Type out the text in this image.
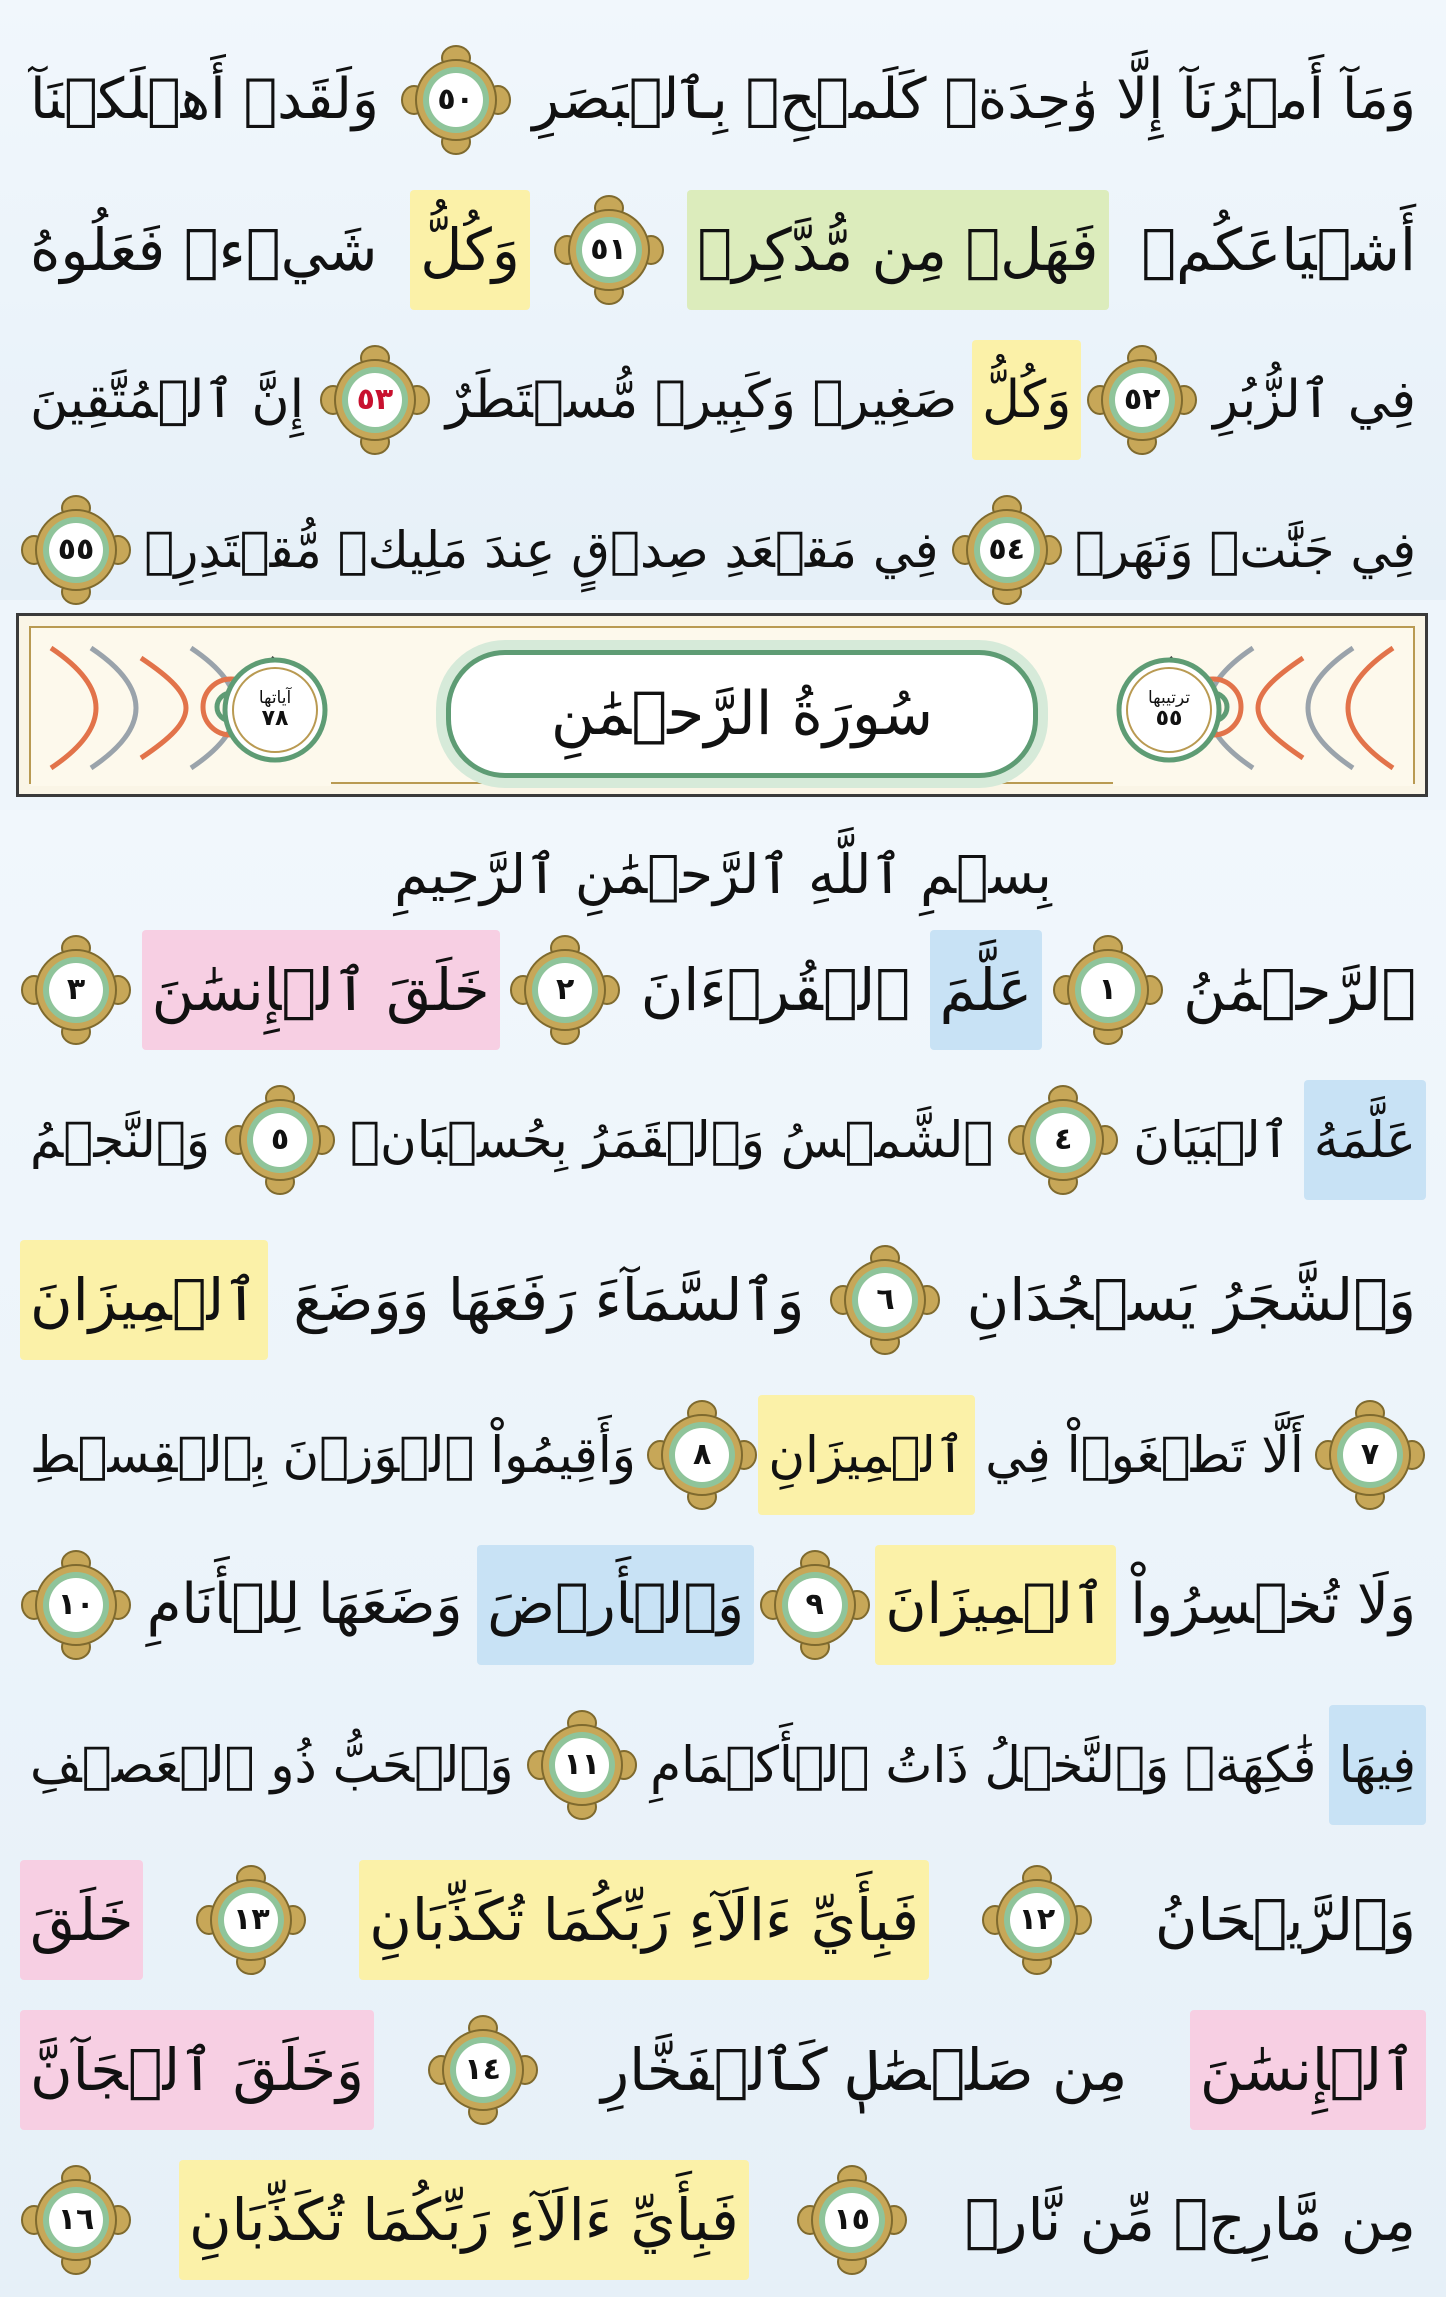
وَمَآ أَمۡرُنَآ إِلَّا وَٰحِدَةٞ كَلَمۡحِۭ بِٱلۡبَصَرِ
٥٠
وَلَقَدۡ أَهۡلَكۡنَآ
أَشۡيَاعَكُمۡ
فَهَلۡ مِن مُّدَّكِرٖ
٥١
وَكُلُّ
شَيۡءٖ فَعَلُوهُ
فِي ٱلزُّبُرِ
٥٢
وَكُلُّ
صَغِيرٖ وَكَبِيرٖ مُّسۡتَطَرٌ
٥٣
إِنَّ ٱلۡمُتَّقِينَ
فِي جَنَّٰتٖ وَنَهَرٖ
٥٤
فِي مَقۡعَدِ صِدۡقٍ عِندَ مَلِيكٖ مُّقۡتَدِرِۭ
٥٥
ترتيبها
٥٥
سُورَةُ الرَّحۡمَٰنِ
آياتها
٧٨
بِسۡمِ ٱللَّهِ ٱلرَّحۡمَٰنِ ٱلرَّحِيمِ
ٱلرَّحۡمَٰنُ
١
عَلَّمَ
ٱلۡقُرۡءَانَ
٢
خَلَقَ ٱلۡإِنسَٰنَ
٣
عَلَّمَهُ
ٱلۡبَيَانَ
٤
ٱلشَّمۡسُ وَٱلۡقَمَرُ بِحُسۡبَانٖ
٥
وَٱلنَّجۡمُ
وَٱلشَّجَرُ يَسۡجُدَانِ
٦
وَٱلسَّمَآءَ رَفَعَهَا وَوَضَعَ
ٱلۡمِيزَانَ
٧
أَلَّا تَطۡغَوۡاْ فِي
ٱلۡمِيزَانِ
٨
وَأَقِيمُواْ ٱلۡوَزۡنَ بِٱلۡقِسۡطِ
وَلَا تُخۡسِرُواْ
ٱلۡمِيزَانَ
٩
وَٱلۡأَرۡضَ
وَضَعَهَا لِلۡأَنَامِ
١٠
فِيهَا
فَٰكِهَةٞ وَٱلنَّخۡلُ ذَاتُ ٱلۡأَكۡمَامِ
١١
وَٱلۡحَبُّ ذُو ٱلۡعَصۡفِ
وَٱلرَّيۡحَانُ
١٢
فَبِأَيِّ ءَالَآءِ رَبِّكُمَا تُكَذِّبَانِ
١٣
خَلَقَ
ٱلۡإِنسَٰنَ
مِن صَلۡصَٰلٖ كَٱلۡفَخَّارِ
١٤
وَخَلَقَ ٱلۡجَآنَّ
مِن مَّارِجٖ مِّن نَّارٖ
١٥
فَبِأَيِّ ءَالَآءِ رَبِّكُمَا تُكَذِّبَانِ
١٦
